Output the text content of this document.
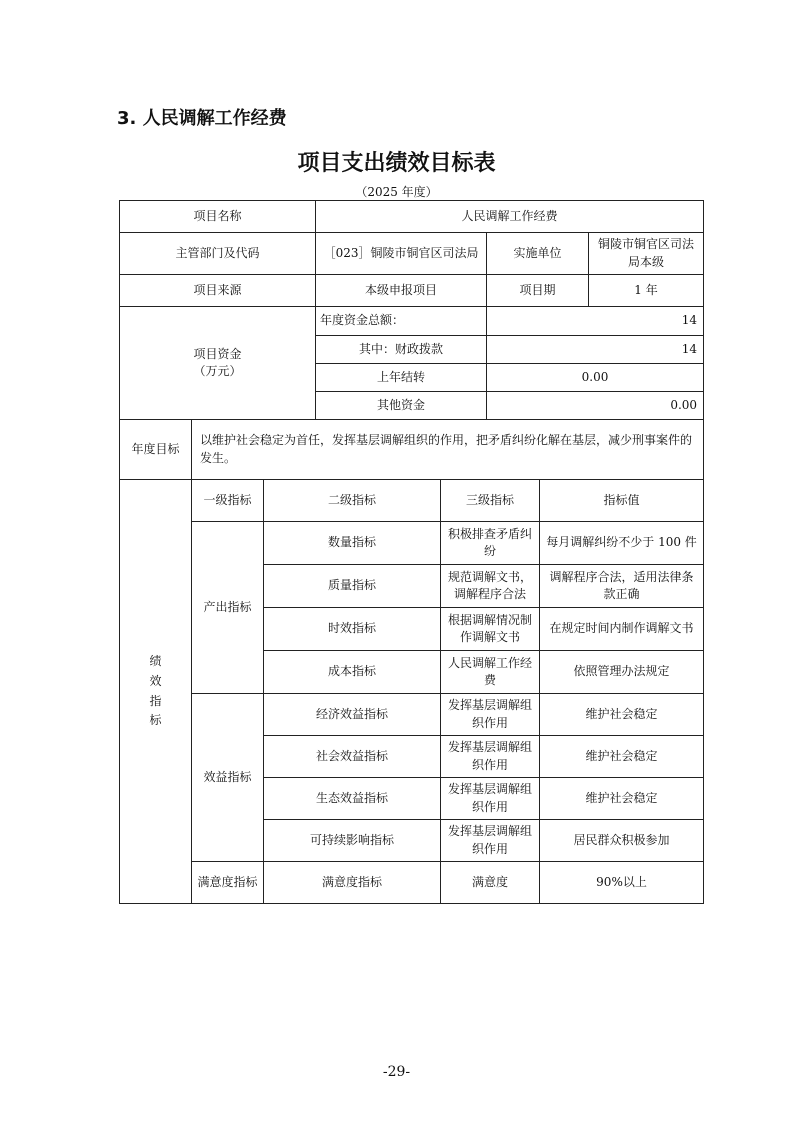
3. 人民调解工作经费
项目支出绩效目标表
（2025 年度）
项目名称			人民调解工作经费				
主管部门及代码			［023］铜陵市铜官区司法局		实施单位		铜陵市铜官区司法局本级
项目来源			本级申报项目		项目期		1 年

项目资金
（万元）			年度资金总额：		14		
			其中：财政拨款		14		
			上年结转		0.00		
			其他资金		0.00		
年度目标	以维护社会稳定为首任，发挥基层调解组织的作用，把矛盾纠纷化解在基层，减少刑事案件的发生。						

绩效指标	一级指标	二级指标		三级指标		指标值	
	产出指标	数量指标		积极排查矛盾纠纷		每月调解纠纷不少于 100 件	
		质量指标		规范调解文书，调解程序合法		调解程序合法，适用法律条款正确	
		时效指标		根据调解情况制作调解文书		在规定时间内制作调解文书	
		成本指标		人民调解工作经费		依照管理办法规定	
	效益指标	经济效益指标		发挥基层调解组织作用		维护社会稳定	
		社会效益指标		发挥基层调解组织作用		维护社会稳定	
		生态效益指标		发挥基层调解组织作用		维护社会稳定	
		可持续影响指标		发挥基层调解组织作用		居民群众积极参加	
	满意度指标	满意度指标		满意度		90%以上	
-29-
